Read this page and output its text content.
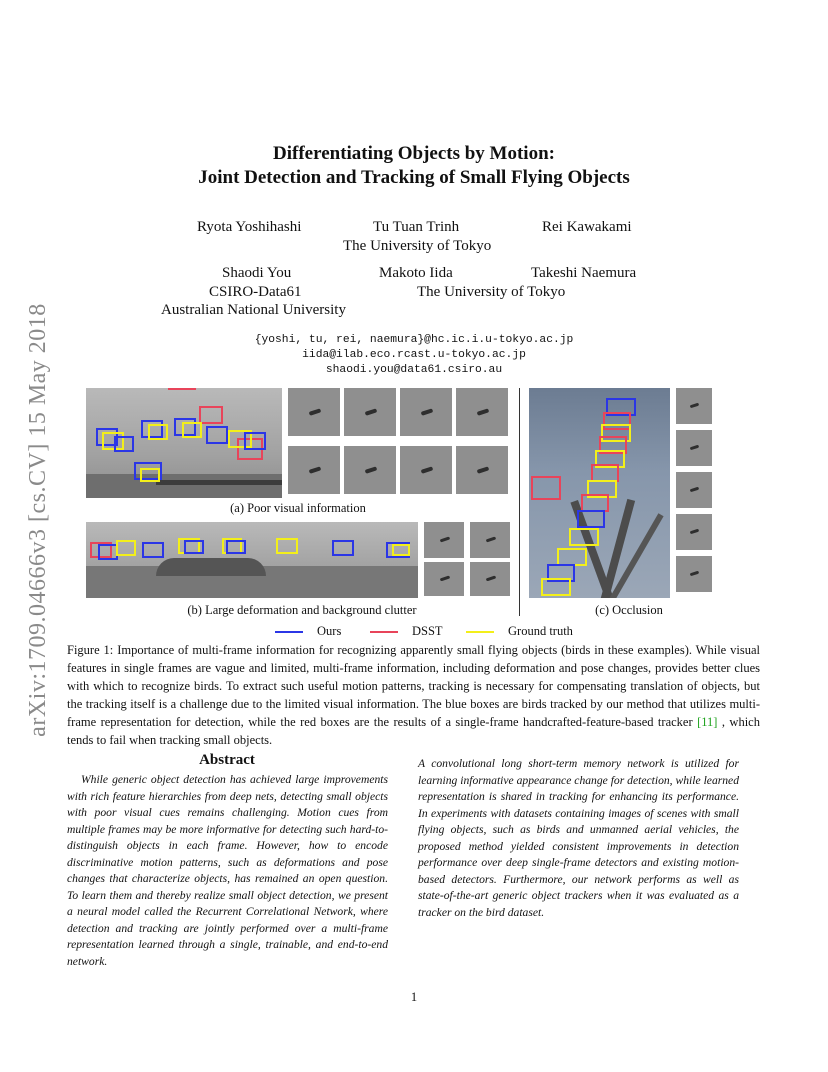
Differentiating Objects by Motion:
Joint Detection and Tracking of Small Flying Objects
Ryota Yoshihashi	Tu Tuan Trinh	Rei Kawakami
The University of Tokyo
Shaodi You	Makoto Iida	Takeshi Naemura
CSIRO-Data61	The University of Tokyo
Australian National University
{yoshi, tu, rei, naemura}@hc.ic.i.u-tokyo.ac.jp
iida@ilab.eco.rcast.u-tokyo.ac.jp
shaodi.you@data61.csiro.au
arXiv:1709.04666v3 [cs.CV] 15 May 2018	(a) Poor visual information
(b) Large deformation and background clutter	(c) Occlusion
Ours	DSST	Ground truth
Figure 1: Importance of multi-frame information for recognizing apparently small flying objects (birds in these examples). While visual features in single frames are vague and limited, multi-frame information, including deformation and pose changes, provides better clues with which to recognize birds. To extract such useful motion patterns, tracking is necessary for compensating translation of objects, but the tracking itself is a challenge due to the limited visual information. The blue boxes are birds tracked by our method that utilizes multi-frame representation for detection, while the red boxes are the results of a single-frame handcrafted-feature-based tracker [11] , which tends to fail when tracking small objects.
Abstract
While generic object detection has achieved large improvements with rich feature hierarchies from deep nets, detecting small objects with poor visual cues remains challenging. Motion cues from multiple frames may be more informative for detecting such hard-to-distinguish objects in each frame. However, how to encode discriminative motion patterns, such as deformations and pose changes that characterize objects, has remained an open question. To learn them and thereby realize small object detection, we present a neural model called the Recurrent Correlational Network, where detection and tracking are jointly performed over a multi-frame representation learned through a single, trainable, and end-to-end network.
A convolutional long short-term memory network is utilized for learning informative appearance change for detection, while learned representation is shared in tracking for enhancing its performance. In experiments with datasets containing images of scenes with small flying objects, such as birds and unmanned aerial vehicles, the proposed method yielded consistent improvements in detection performance over deep single-frame detectors and existing motion-based detectors. Furthermore, our network performs as well as state-of-the-art generic object trackers when it was evaluated as a tracker on the bird dataset.
1
